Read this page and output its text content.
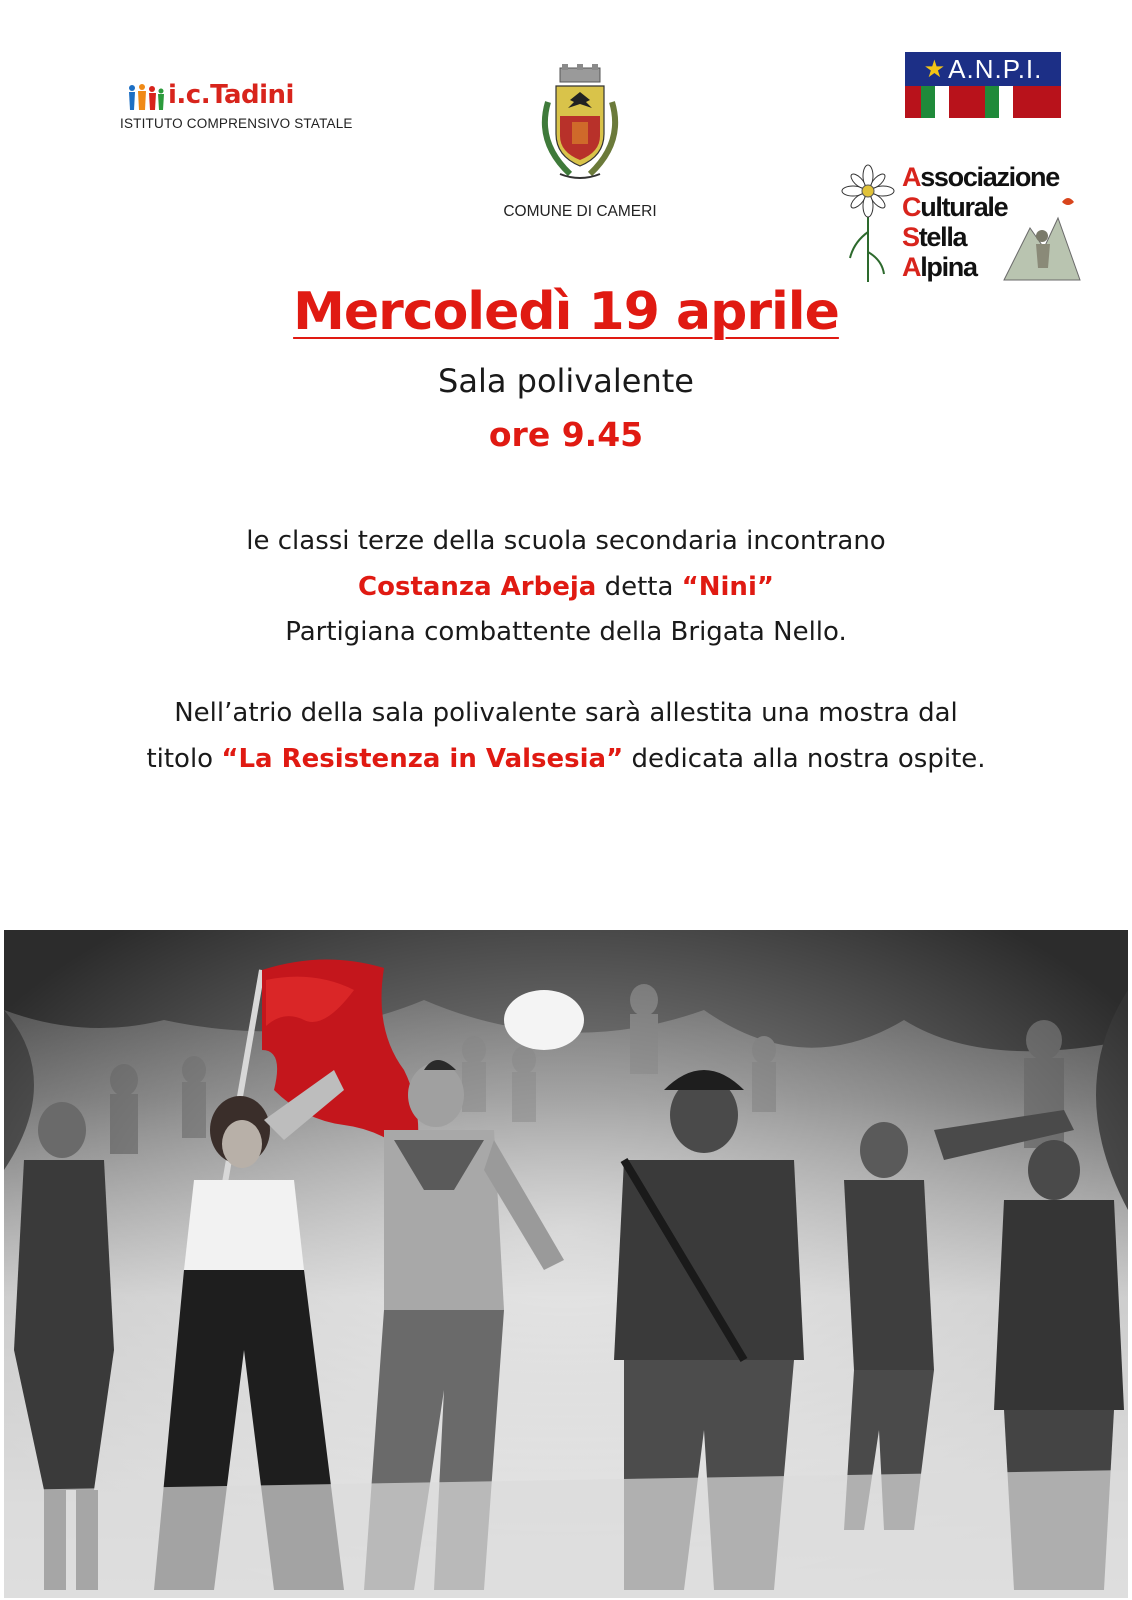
i.c.Tadini
ISTITUTO COMPRENSIVO STATALE
COMUNE DI CAMERI
★ A.N.P.I.
Associazione
Culturale
Stella
Alpina
Mercoledì 19 aprile
Sala polivalente
ore 9.45
le classi terze della scuola secondaria incontrano
Costanza Arbeja detta “Nini”
Partigiana combattente della Brigata Nello.
Nell’atrio della sala polivalente sarà allestita una mostra dal
titolo “La Resistenza in Valsesia” dedicata alla nostra ospite.
